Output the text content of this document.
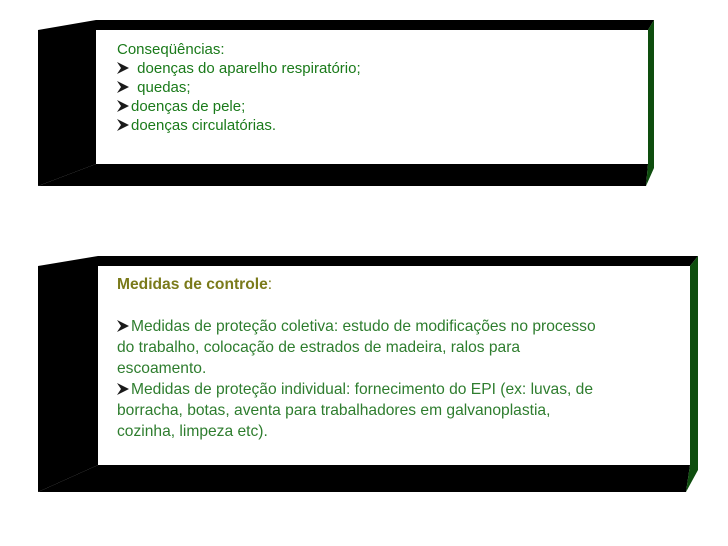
Conseqüências:
doenças do aparelho respiratório;
quedas;
doenças de pele;
doenças circulatórias.
Medidas de controle:
Medidas de proteção coletiva: estudo de modificações no processo
do trabalho, colocação de estrados de madeira, ralos para
escoamento.
Medidas de proteção individual: fornecimento do EPI (ex: luvas, de
borracha, botas, aventa para trabalhadores em galvanoplastia,
cozinha, limpeza etc).
